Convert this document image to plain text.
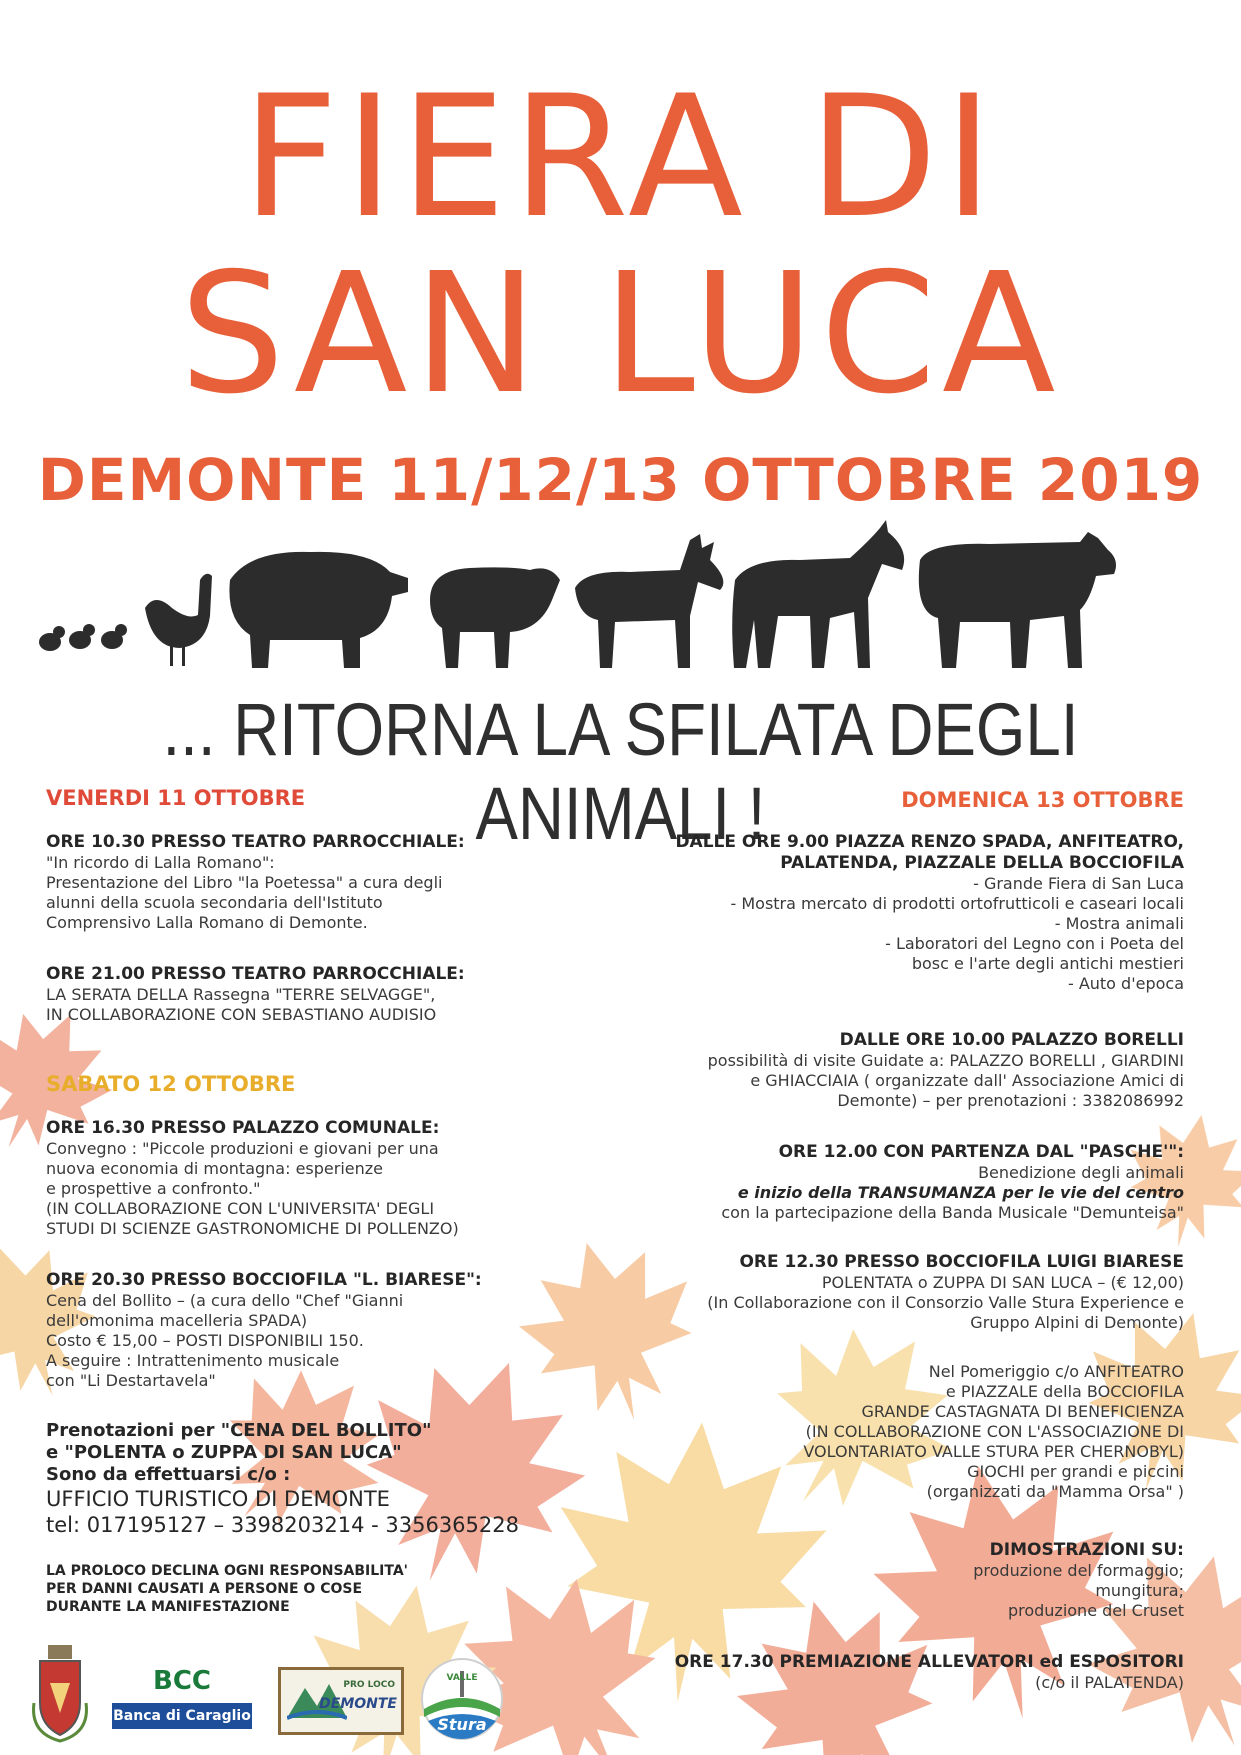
FIERA DI
SAN LUCA
DEMONTE 11/12/13 OTTOBRE 2019
... RITORNA LA SFILATA DEGLI ANIMALI !
VENERDI 11 OTTOBRE

ORE 10.30 PRESSO TEATRO PARROCCHIALE:

"In ricordo di Lalla Romano":

Presentazione del Libro "la Poetessa" a cura degli

alunni della scuola secondaria dell'Istituto

Comprensivo Lalla Romano di Demonte.

ORE 21.00 PRESSO TEATRO PARROCCHIALE:

LA SERATA DELLA Rassegna "TERRE SELVAGGE",

IN COLLABORAZIONE CON SEBASTIANO AUDISIO

SABATO 12 OTTOBRE

ORE 16.30 PRESSO PALAZZO COMUNALE:

Convegno : "Piccole produzioni e giovani per una

nuova economia di montagna: esperienze

e prospettive a confronto."

(IN COLLABORAZIONE CON L'UNIVERSITA' DEGLI

STUDI DI SCIENZE GASTRONOMICHE DI POLLENZO)

ORE 20.30 PRESSO BOCCIOFILA "L. BIARESE":

Cena del Bollito – (a cura dello "Chef "Gianni

dell'omonima macelleria SPADA)

Costo € 15,00 – POSTI DISPONIBILI 150.

A seguire : Intrattenimento musicale

con "Li Destartavela"

Prenotazioni per "CENA DEL BOLLITO"

e "POLENTA o ZUPPA DI SAN LUCA"

Sono da effettuarsi c/o :

UFFICIO TURISTICO DI DEMONTE

tel: 017195127 – 3398203214 - 3356365228

LA PROLOCO DECLINA OGNI RESPONSABILITA'

PER DANNI CAUSATI A PERSONE O COSE

DURANTE LA MANIFESTAZIONE

DOMENICA 13 OTTOBRE

DALLE ORE 9.00 PIAZZA RENZO SPADA, ANFITEATRO,

PALATENDA, PIAZZALE DELLA BOCCIOFILA

- Grande Fiera di San Luca

- Mostra mercato di prodotti ortofrutticoli e caseari locali

- Mostra animali

- Laboratori del Legno con i Poeta del

bosc e l'arte degli antichi mestieri

- Auto d'epoca

DALLE ORE 10.00 PALAZZO BORELLI

possibilità di visite Guidate a: PALAZZO BORELLI , GIARDINI

e GHIACCIAIA ( organizzate dall' Associazione Amici di

Demonte) – per prenotazioni : 3382086992

ORE 12.00 CON PARTENZA DAL "PASCHE'":

Benedizione degli animali

e inizio della TRANSUMANZA per le vie del centro

con la partecipazione della Banda Musicale "Demunteisa"

ORE 12.30 PRESSO BOCCIOFILA LUIGI BIARESE

POLENTATA o ZUPPA DI SAN LUCA – (€ 12,00)

(In Collaborazione con il Consorzio Valle Stura Experience e

Gruppo Alpini di Demonte)

Nel Pomeriggio c/o ANFITEATRO

e PIAZZALE della BOCCIOFILA

GRANDE CASTAGNATA DI BENEFICIENZA

(IN COLLABORAZIONE CON L'ASSOCIAZIONE DI

VOLONTARIATO VALLE STURA PER CHERNOBYL)

GIOCHI per grandi e piccini

(organizzati da "Mamma Orsa" )

DIMOSTRAZIONI SU:

produzione del formaggio;

mungitura;

produzione del Cruset

ORE 17.30 PREMIAZIONE ALLEVATORI ed ESPOSITORI

(c/o il PALATENDA)

BCC
Banca di Caraglio
PRO LOCO
DEMONTE
VALLE
Stura
